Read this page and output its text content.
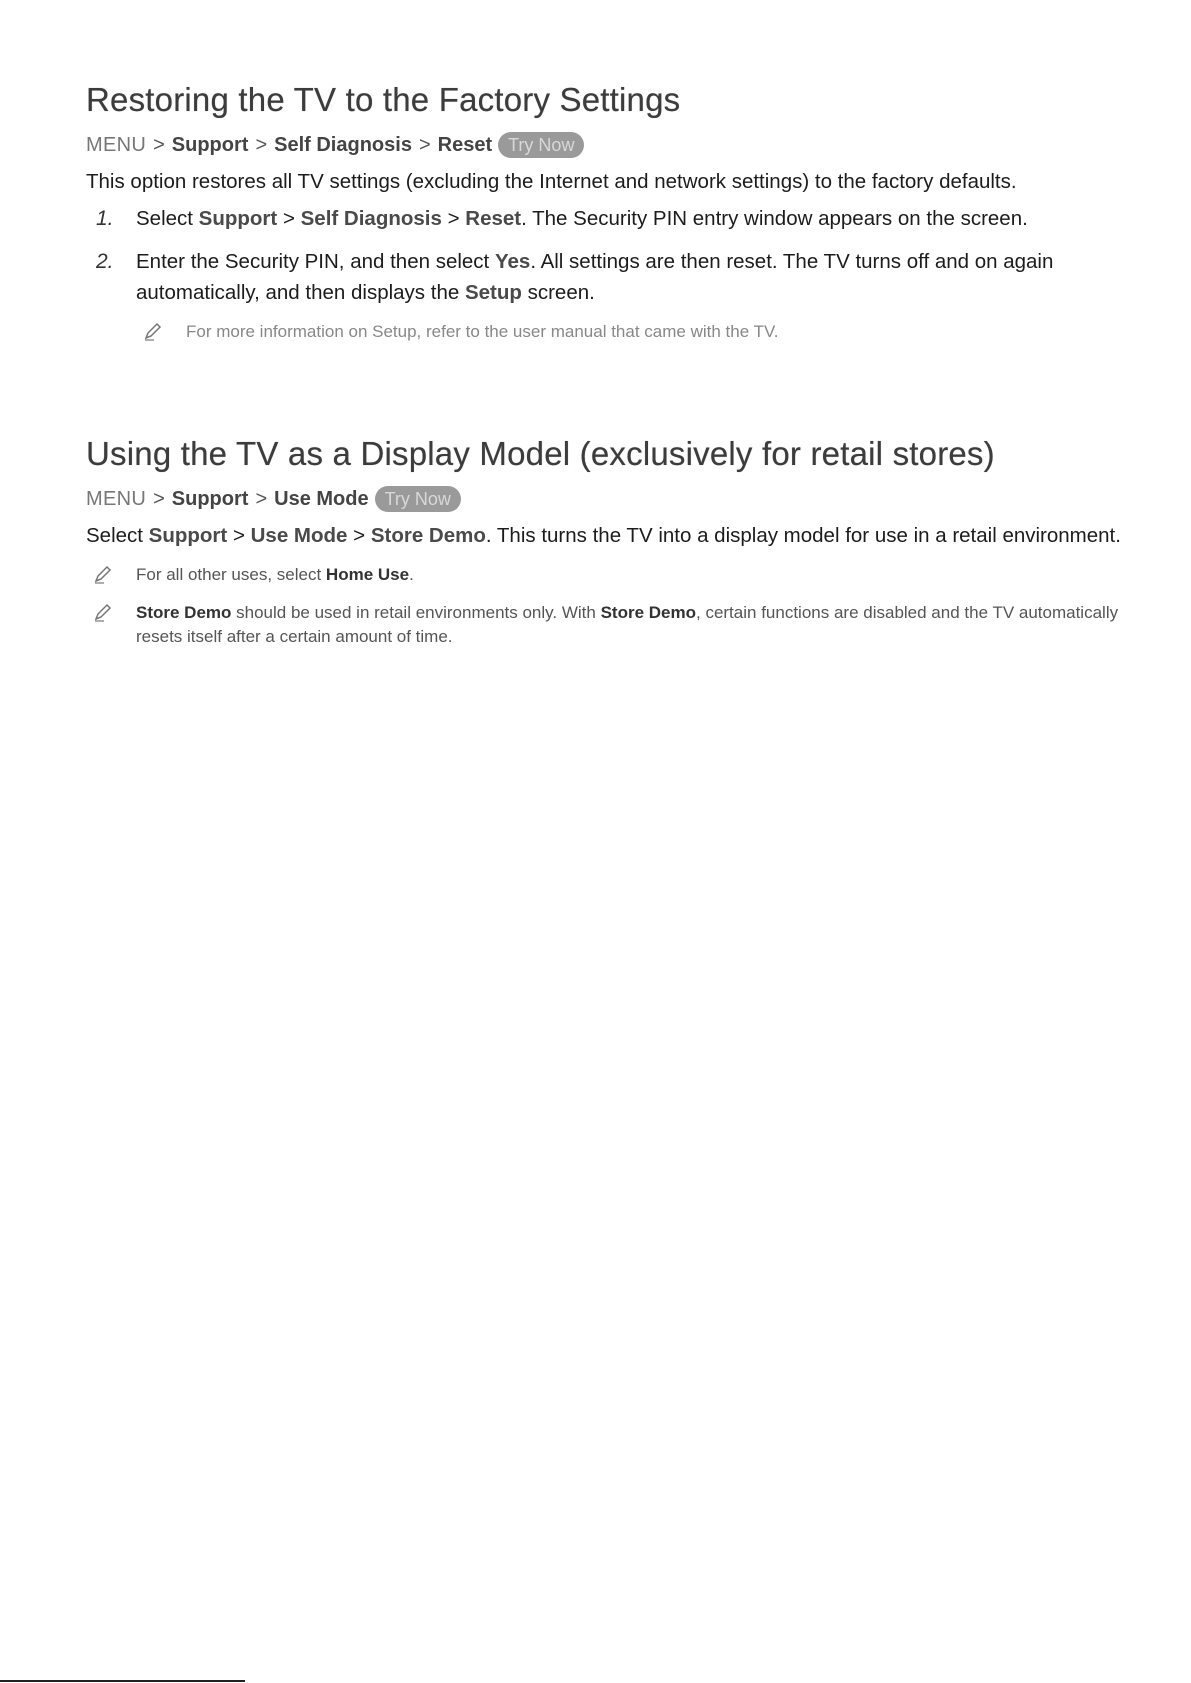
Restoring the TV to the Factory Settings
MENU > Support > Self Diagnosis > Reset Try Now

This option restores all TV settings (excluding the Internet and network settings) to the factory defaults.

1. Select Support > Self Diagnosis > Reset. The Security PIN entry window appears on the screen.
2. Enter the Security PIN, and then select Yes. All settings are then reset. The TV turns off and on again automatically, and then displays the Setup screen.
For more information on Setup, refer to the user manual that came with the TV.
Using the TV as a Display Model (exclusively for retail stores)
MENU > Support > Use Mode Try Now

Select Support > Use Mode > Store Demo. This turns the TV into a display model for use in a retail environment.

For all other uses, select Home Use.
Store Demo should be used in retail environments only. With Store Demo, certain functions are disabled and the TV automatically resets itself after a certain amount of time.
